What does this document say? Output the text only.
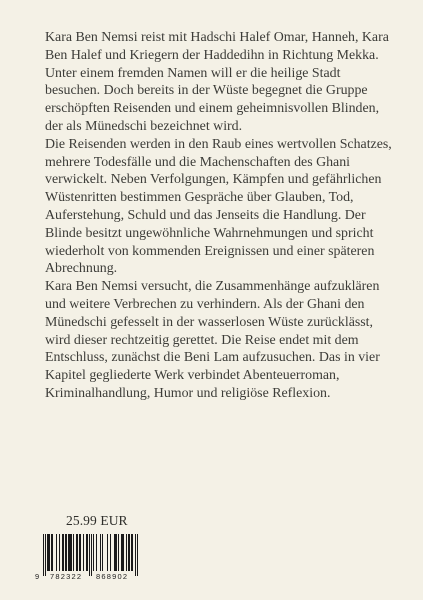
Kara Ben Nemsi reist mit Hadschi Halef Omar, Hanneh, Kara Ben Halef und Kriegern der Haddedihn in Richtung Mekka. Unter einem fremden Namen will er die heilige Stadt besuchen. Doch bereits in der Wüste begegnet die Gruppe erschöpften Reisenden und einem geheimnisvollen Blinden, der als Münedschi bezeichnet wird.

Die Reisenden werden in den Raub eines wertvollen Schatzes, mehrere Todesfälle und die Machenschaften des Ghani verwickelt. Neben Verfolgungen, Kämpfen und gefährlichen Wüstenritten bestimmen Gespräche über Glauben, Tod, Auferstehung, Schuld und das Jenseits die Handlung. Der Blinde besitzt ungewöhnliche Wahrnehmungen und spricht wiederholt von kommenden Ereignissen und einer späteren Abrechnung.

Kara Ben Nemsi versucht, die Zusammenhänge aufzuklären und weitere Verbrechen zu verhindern. Als der Ghani den Münedschi gefesselt in der wasserlosen Wüste zurücklässt, wird dieser rechtzeitig gerettet. Die Reise endet mit dem Entschluss, zunächst die Beni Lam aufzusuchen. Das in vier Kapitel gegliederte Werk verbindet Abenteuerroman, Kriminalhandlung, Humor und religiöse Reflexion.

25.99 EUR
9 782322 868902
